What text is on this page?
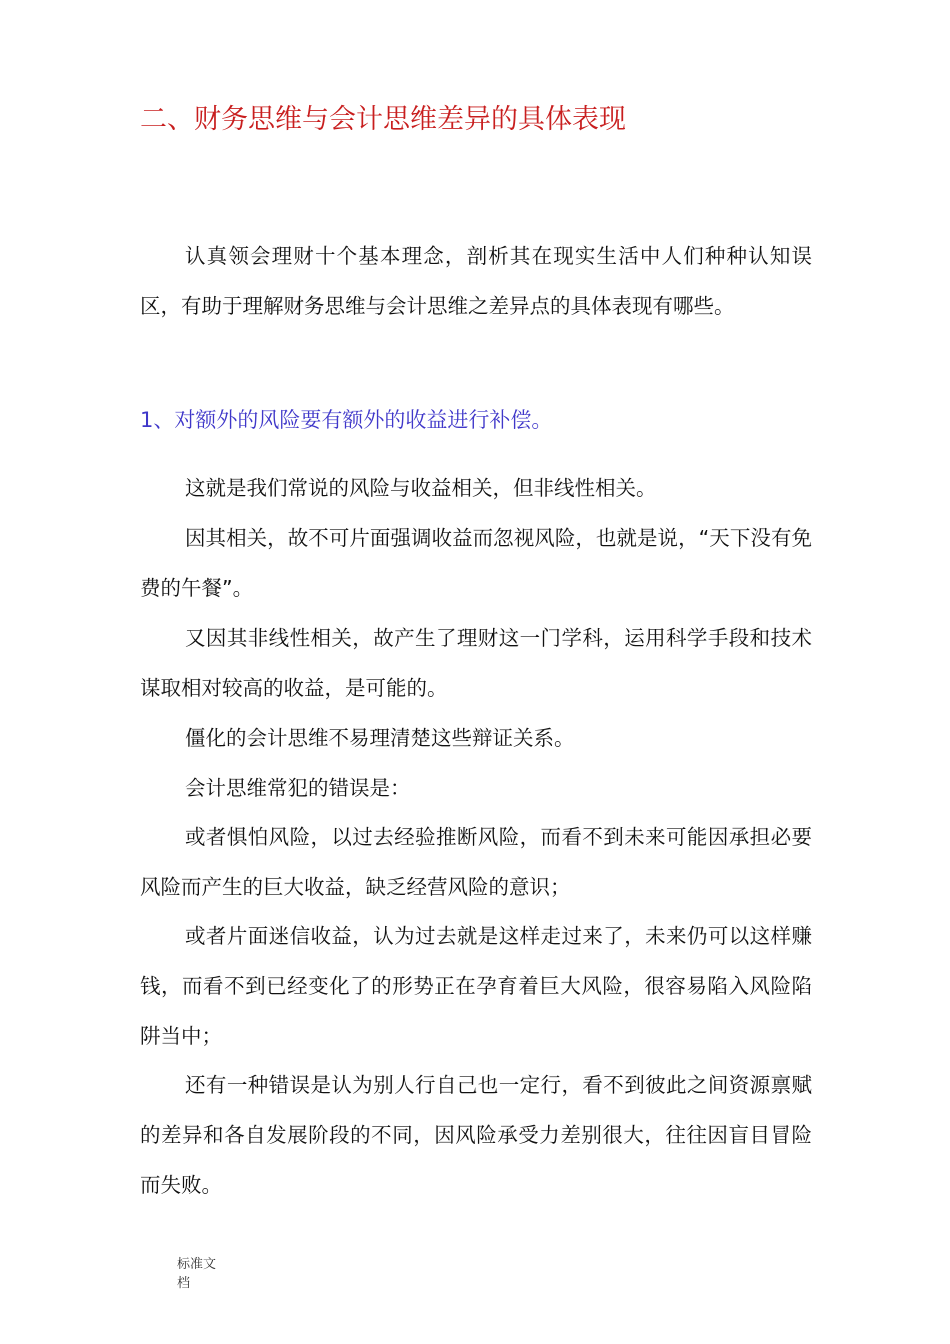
二、财务思维与会计思维差异的具体表现

认真领会理财十个基本理念，剖析其在现实生活中人们种种认知误区，有助于理解财务思维与会计思维之差异点的具体表现有哪些。

1、对额外的风险要有额外的收益进行补偿。

这就是我们常说的风险与收益相关，但非线性相关。

因其相关，故不可片面强调收益而忽视风险，也就是说，“天下没有免费的午餐”。

又因其非线性相关，故产生了理财这一门学科，运用科学手段和技术谋取相对较高的收益，是可能的。

僵化的会计思维不易理清楚这些辩证关系。

会计思维常犯的错误是：

或者惧怕风险，以过去经验推断风险，而看不到未来可能因承担必要风险而产生的巨大收益，缺乏经营风险的意识；

或者片面迷信收益，认为过去就是这样走过来了，未来仍可以这样赚钱，而看不到已经变化了的形势正在孕育着巨大风险，很容易陷入风险陷阱当中；

还有一种错误是认为别人行自己也一定行，看不到彼此之间资源禀赋的差异和各自发展阶段的不同，因风险承受力差别很大，往往因盲目冒险而失败。

标准文档
